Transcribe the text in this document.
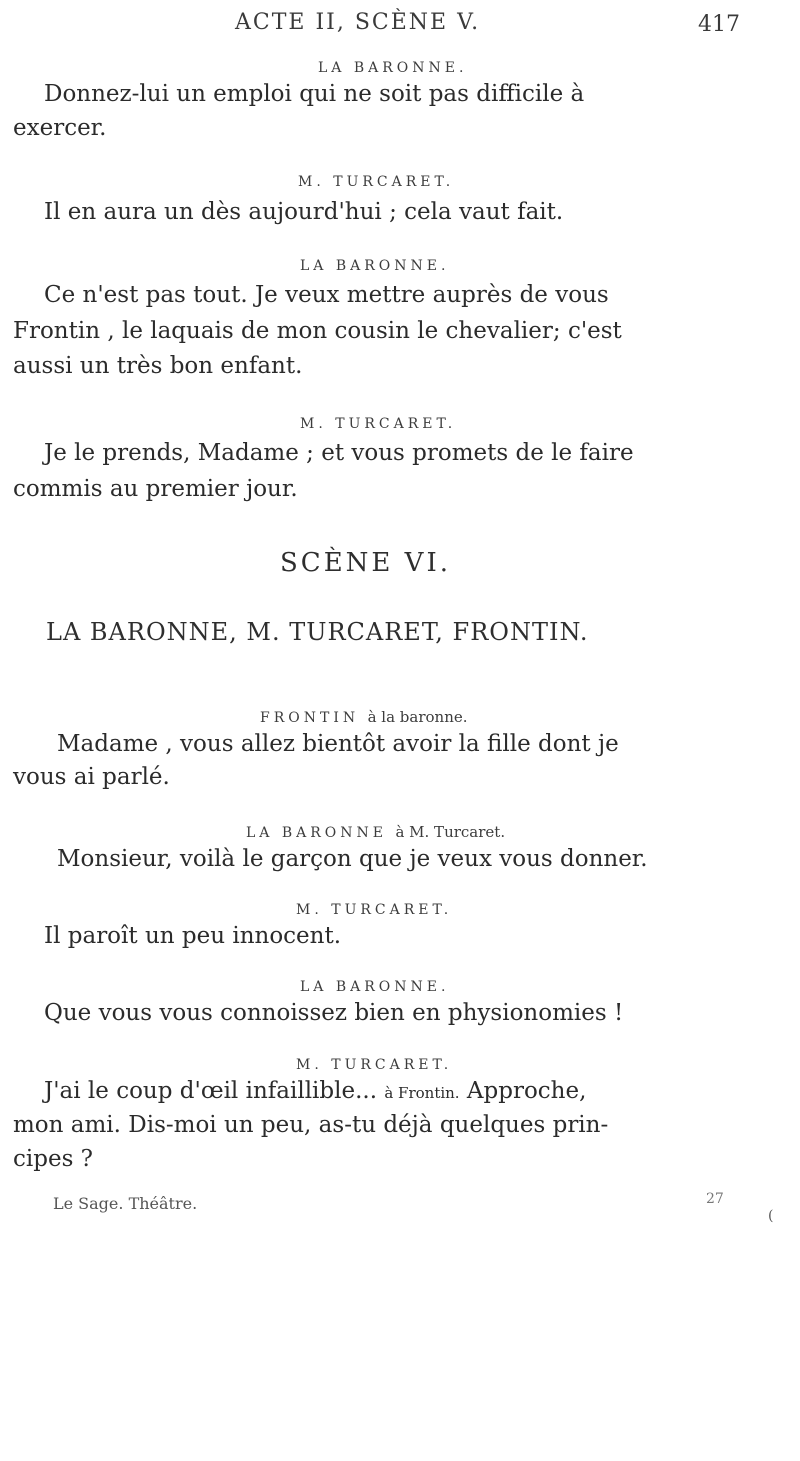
ACTE II, SCÈNE V.	417
LA BARONNE.
Donnez-lui un emploi qui ne soit pas difficile à
exercer.
M. TURCARET.
Il en aura un dès aujourd'hui ; cela vaut fait.
LA BARONNE.
Ce n'est pas tout. Je veux mettre auprès de vous
Frontin , le laquais de mon cousin le chevalier; c'est
aussi un très bon enfant.
M. TURCARET.
Je le prends, Madame ; et vous promets de le faire
commis au premier jour.
SCÈNE VI.
LA BARONNE, M. TURCARET, FRONTIN.
FRONTIN à la baronne.
Madame , vous allez bientôt avoir la fille dont je
vous ai parlé.
LA BARONNE à M. Turcaret.
Monsieur, voilà le garçon que je veux vous donner.
M. TURCARET.
Il paroît un peu innocent.
LA BARONNE.
Que vous vous connoissez bien en physionomies !
M. TURCARET.
J'ai le coup d'œil infaillible... à Frontin. Approche,
mon ami. Dis-moi un peu, as-tu déjà quelques prin-
cipes ?
Le Sage. Théâtre.	27
(
